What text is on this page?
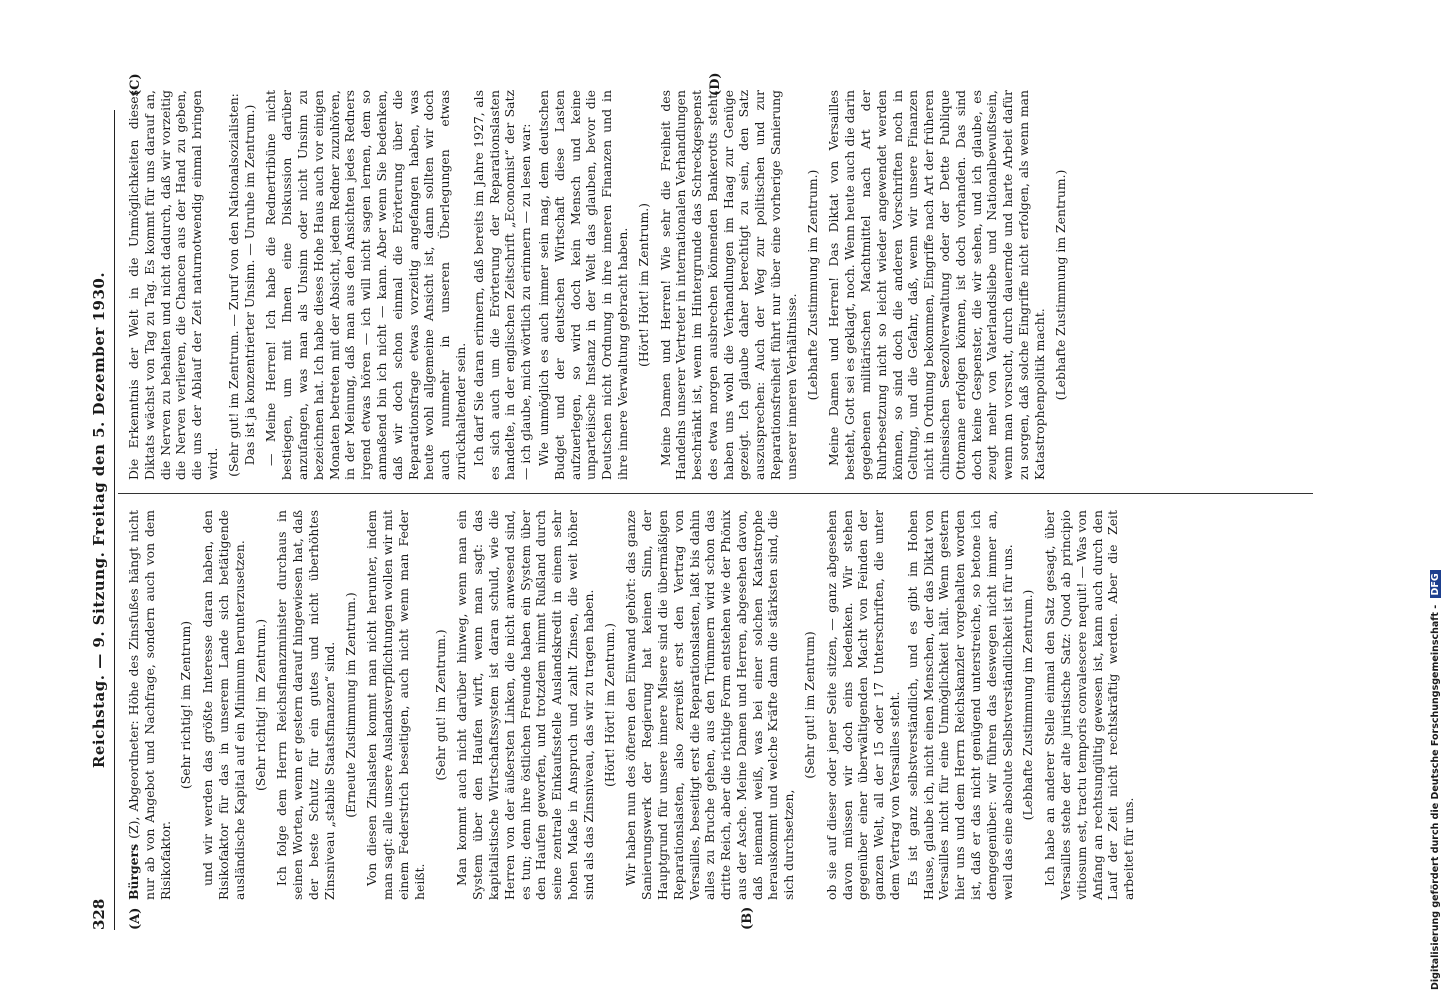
328
Reichstag. — 9. Sitzung. Freitag den 5. Dezember 1930.
(A)	(B)
(C)	(D)

Bürgers (Z), Abgeordneter: Höhe des Zinsfußes hängt nicht nur ab von Angebot und Nachfrage, sondern auch von dem Risikofaktor.

(Sehr richtig! im Zentrum) und wir werden das größte Interesse daran haben, den Risikofaktor für das in unserem Lande sich betätigende ausländische Kapital auf ein Minimum herunterzusetzen. (Sehr richtig! im Zentrum.) Ich folge dem Herrn Reichsfinanzminister durchaus in seinen Worten, wenn er gestern darauf hingewiesen hat, daß der beste Schutz für ein gutes und nicht überhöhtes Zinsniveau „stabile Staatsfinanzen“ sind. (Erneute Zustimmung im Zentrum.) Von diesen Zinslasten kommt man nicht herunter, indem man sagt: alle unsere Auslandsverpflichtungen wollen wir mit einem Federstrich beseitigen, auch nicht wenn man Feder heißt.

(Sehr gut! im Zentrum.) Man kommt auch nicht darüber hinweg, wenn man ein System über den Haufen wirft, wenn man sagt: das kapitalistische Wirtschaftssystem ist daran schuld, wie die Herren von der äußersten Linken, die nicht anwesend sind, es tun; denn ihre östlichen Freunde haben ein System über den Haufen geworfen, und trotzdem nimmt Rußland durch seine zentrale Einkaufsstelle Auslandskredit in einem sehr hohen Maße in Anspruch und zahlt Zinsen, die weit höher sind als das Zinsniveau, das wir zu tragen haben. (Hört! Hört! im Zentrum.) Wir haben nun des öfteren den Einwand gehört: das ganze Sanierungswerk der Regierung hat keinen Sinn, der Hauptgrund für unsere innere Misere sind die übermäßigen Reparationslasten, also zerreißt erst den Vertrag von Versailles, beseitigt erst die Reparationslasten, laßt bis dahin alles zu Bruche gehen, aus den Trümmern wird schon das dritte Reich, aber die richtige Form entstehen wie der Phönix aus der Asche. Meine Damen und Herren, abgesehen davon, daß niemand weiß, was bei einer solchen Katastrophe herauskommt und welche Kräfte dann die stärksten sind, die sich durchsetzen,

(Sehr gut! im Zentrum) ob sie auf dieser oder jener Seite sitzen, — ganz abgesehen davon müssen wir doch eins bedenken. Wir stehen gegenüber einer überwältigenden Macht von Feinden der ganzen Welt, all der 15 oder 17 Unterschriften, die unter dem Vertrag von Versailles steht. Es ist ganz selbstverständlich, und es gibt im Hohen Hause, glaube ich, nicht einen Menschen, der das Diktat von Versailles nicht für eine Unmöglichkeit hält. Wenn gestern hier uns und dem Herrn Reichskanzler vorgehalten worden ist, daß er das nicht genügend unterstreiche, so betone ich demgegenüber: wir führen das deswegen nicht immer an, weil das eine absolute Selbstverständlichkeit ist für uns. (Lebhafte Zustimmung im Zentrum.) Ich habe an anderer Stelle einmal den Satz gesagt, über Versailles stehe der alte juristische Satz: Quod ab principio vitiosum est, tractu temporis convalescere nequit! — Was von Anfang an rechtsungültig gewesen ist, kann auch durch den Lauf der Zeit nicht rechtskräftig werden. Aber die Zeit arbeitet für uns.

Die Erkenntnis der Welt in die Unmöglichkeiten dieses Diktats wächst von Tag zu Tag. Es kommt für uns darauf an, die Nerven zu behalten und nicht dadurch, daß wir vorzeitig die Nerven verlieren, die Chancen aus der Hand zu geben, die uns der Ablauf der Zeit naturnotwendig einmal bringen wird. (Sehr gut! im Zentrum. — Zuruf von den Nationalsozialisten: Das ist ja konzentrierter Unsinn. — Unruhe im Zentrum.) — Meine Herren! Ich habe die Rednertribüne nicht bestiegen, um mit Ihnen eine Diskussion darüber anzufangen, was man als Unsinn oder nicht Unsinn zu bezeichnen hat. Ich habe dieses Hohe Haus auch vor einigen Monaten betreten mit der Absicht, jedem Redner zuzuhören, in der Meinung, daß man aus den Ansichten jedes Redners irgend etwas hören — ich will nicht sagen lernen, dem so anmaßend bin ich nicht — kann. Aber wenn Sie bedenken, daß wir doch schon einmal die Erörterung über die Reparationsfrage etwas vorzeitig angefangen haben, was heute wohl allgemeine Ansicht ist, dann sollten wir doch auch nunmehr in unseren Überlegungen etwas zurückhaltender sein. Ich darf Sie daran erinnern, daß bereits im Jahre 1927, als es sich auch um die Erörterung der Reparationslasten handelte, in der englischen Zeitschrift „Economist“ der Satz — ich glaube, mich wörtlich zu erinnern — zu lesen war: Wie unmöglich es auch immer sein mag, dem deutschen Budget und der deutschen Wirtschaft diese Lasten aufzuerlegen, so wird doch kein Mensch und keine unparteiische Instanz in der Welt das glauben, bevor die Deutschen nicht Ordnung in ihre inneren Finanzen und in ihre innere Verwaltung gebracht haben. (Hört! Hört! im Zentrum.) Meine Damen und Herren! Wie sehr die Freiheit des Handelns unserer Vertreter in internationalen Verhandlungen beschränkt ist, wenn im Hintergrunde das Schreckgespenst des etwa morgen ausbrechen könnenden Bankerotts steht, haben uns wohl die Verhandlungen im Haag zur Genüge gezeigt. Ich glaube daher berechtigt zu sein, den Satz auszusprechen: Auch der Weg zur politischen und zur Reparationsfreiheit führt nur über eine vorherige Sanierung unserer inneren Verhältnisse. (Lebhafte Zustimmung im Zentrum.) Meine Damen und Herren! Das Diktat von Versailles besteht, Gott sei es geklagt, noch. Wenn heute auch die darin gegebenen militärischen Machtmittel nach Art der Ruhrbesetzung nicht so leicht wieder angewendet werden können, so sind doch die anderen Vorschriften noch in Geltung, und die Gefahr, daß, wenn wir unsere Finanzen nicht in Ordnung bekommen, Eingriffe nach Art der früheren chinesischen Seezollverwaltung oder der Dette Publique Ottomane erfolgen können, ist doch vorhanden. Das sind doch keine Gespenster, die wir sehen, und ich glaube, es zeugt mehr von Vaterlandsliebe und Nationalbewußtsein, wenn man vorsucht, durch dauernde und harte Arbeit dafür zu sorgen, daß solche Eingriffe nicht erfolgen, als wenn man Katastrophenpolitik macht. (Lebhafte Zustimmung im Zentrum.)

Digitalisierung gefördert durch die Deutsche Forschungsgemeinschaft - DFG
